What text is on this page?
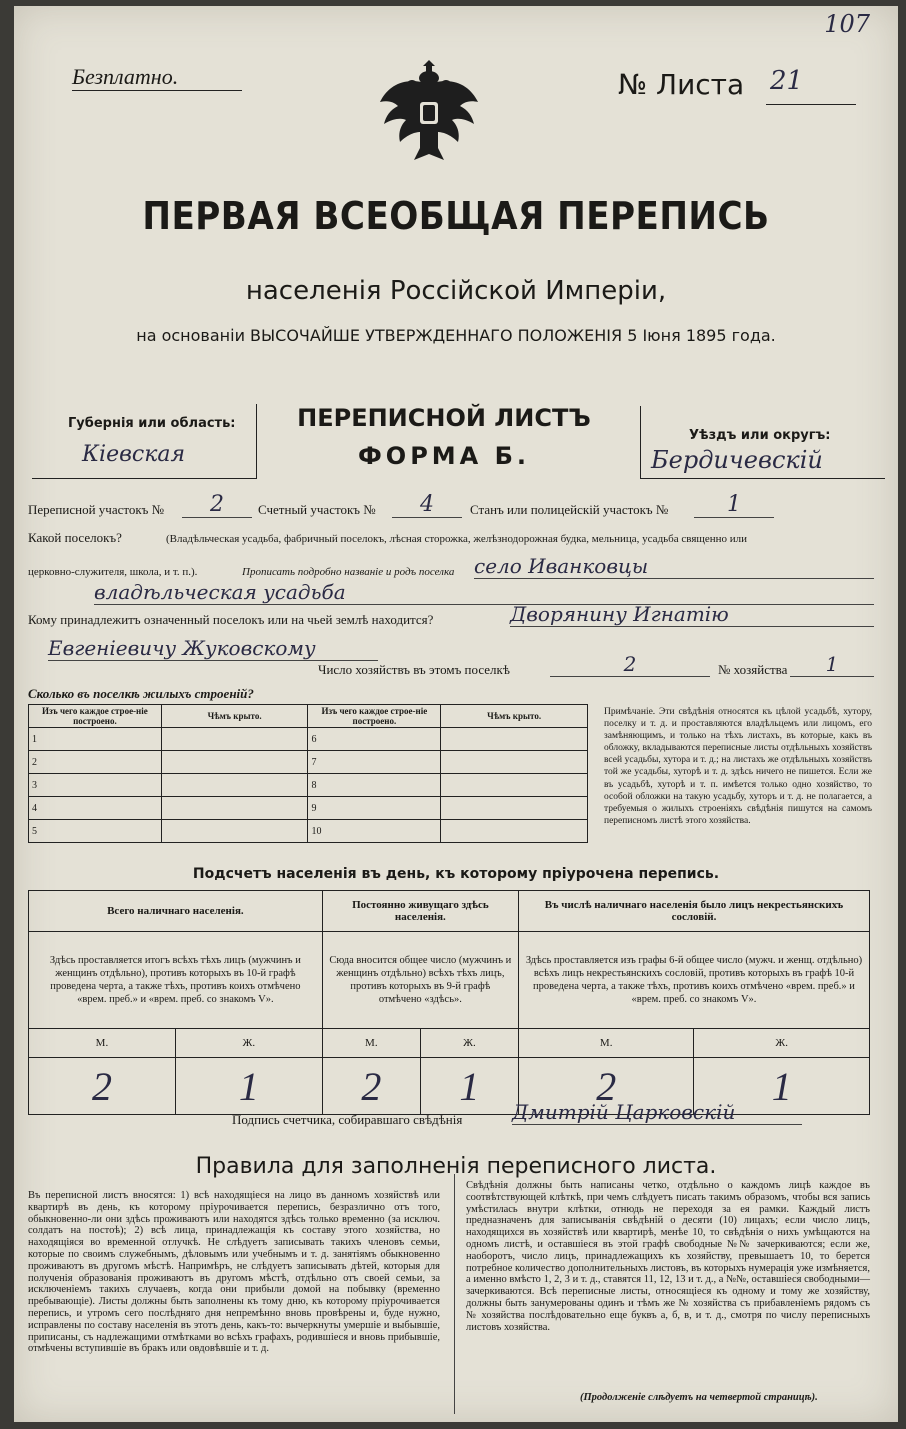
107
Безплатно.	№ Листа 21
ПЕРВАЯ ВСЕОБЩАЯ ПЕРЕПИСЬ
населенія Россійской Имперіи,
на основаніи ВЫСОЧАЙШЕ УТВЕРЖДЕННАГО ПОЛОЖЕНІЯ 5 Іюня 1895 года.
Губернія или область:
Кіевская
ПЕРЕПИСНОЙ ЛИСТЪ
ФОРМА Б.
Уѣздъ или округъ:
Бердичевскій
Переписной участокъ №	2	Счетный участокъ №	4	Станъ или полицейскій участокъ №	1
Какой поселокъ?	(Владѣльческая усадьба, фабричный поселокъ, лѣсная сторожка, желѣзнодорожная будка, мельница, усадьба священно или
церковно-служителя, школа, и т. п.).	Прописать подробно названіе и родъ поселка село Иванковцы
владѣльческая усадьба
Кому принадлежитъ означенный поселокъ или на чьей землѣ находится?	Дворянину Игнатію
Евгеніевичу Жуковскому
Число хозяйствъ въ этомъ поселкѣ	2	№ хозяйства	1
Сколько въ поселкѣ жилыхъ строеній?
Изъ чего каждое строе-ніе построено.	Чѣмъ крыто.	Изъ чего каждое строе-ніе построено.	Чѣмъ крыто.
1		6	
2		7	
3		8	
4		9	
5		10	
Примѣчаніе. Эти свѣдѣнія относятся къ цѣлой усадьбѣ, хутору, поселку и т. д. и проставляются владѣльцемъ или лицомъ, его замѣняющимъ, и только на тѣхъ листахъ, въ которые, какъ въ обложку, вкладываются переписные листы отдѣльныхъ хозяйствъ всей усадьбы, хутора и т. д.; на листахъ же отдѣльныхъ хозяйствъ той же усадьбы, хуторѣ и т. д. здѣсь ничего не пишется. Если же въ усадьбѣ, хуторѣ и т. п. имѣется только одно хозяйство, то особой обложки на такую усадьбу, хуторъ и т. д. не полагается, а требуемыя о жилыхъ строеніяхъ свѣдѣнія пишутся на самомъ переписномъ листѣ этого хозяйства.
Подсчетъ населенія въ день, къ которому пріурочена перепись.
Всего наличнаго населенія.		Постоянно живущаго здѣсь населенія.		Въ числѣ наличнаго населенія было лицъ некрестьянскихъ сословій.	
Здѣсь проставляется итогъ всѣхъ тѣхъ лицъ (мужчинъ и женщинъ отдѣльно), противъ которыхъ въ 10-й графѣ проведена черта, а также тѣхъ, противъ коихъ отмѣчено «врем. преб.» и «врем. преб. со знакомъ V».		Сюда вносится общее число (мужчинъ и женщинъ отдѣльно) всѣхъ тѣхъ лицъ, противъ которыхъ въ 9-й графѣ отмѣчено «здѣсь».		Здѣсь проставляется изъ графы 6-й общее число (мужч. и женщ. отдѣльно) всѣхъ лицъ некрестьянскихъ сословій, противъ которыхъ въ графѣ 10-й проведена черта, а также тѣхъ, противъ коихъ отмѣчено «врем. преб.» и «врем. преб. со знакомъ V».	
М.	Ж.	М.	Ж.	М.	Ж.
2	1	2	1	2	1
Подпись счетчика, собиравшаго свѣдѣнія Дмитрій Царковскій
Правила для заполненія переписного листа.
Въ переписной листъ вносятся: 1) всѣ находящіеся на лицо въ данномъ хозяйствѣ или квартирѣ въ день, къ которому пріурочивается перепись, безразлично отъ того, обыкновенно-ли они здѣсь проживаютъ или находятся здѣсь только временно (за исключ. солдатъ на постоѣ); 2) всѣ лица, принадлежащія къ составу этого хозяйства, но находящіяся во временной отлучкѣ. Не слѣдуетъ записывать такихъ членовъ семьи, которые по своимъ служебнымъ, дѣловымъ или учебнымъ и т. д. занятіямъ обыкновенно проживаютъ въ другомъ мѣстѣ. Напримѣръ, не слѣдуетъ записывать дѣтей, которыя для полученія образованія проживаютъ въ другомъ мѣстѣ, отдѣльно отъ своей семьи, за исключеніемъ такихъ случаевъ, когда они прибыли домой на побывку (временно пребывающіе). Листы должны быть заполнены къ тому дню, къ которому пріурочивается перепись, и утромъ сего послѣдняго дня непремѣнно вновь провѣрены и, буде нужно, исправлены по составу населенія въ этотъ день, какъ-то: вычеркнуты умершіе и выбывшіе, приписаны, съ надлежащими отмѣтками во всѣхъ графахъ, родившіеся и вновь прибывшіе, отмѣчены вступившіе въ бракъ или овдовѣвшіе и т. д.
Свѣдѣнія должны быть написаны четко, отдѣльно о каждомъ лицѣ каждое въ соотвѣтствующей клѣткѣ, при чемъ слѣдуетъ писать такимъ образомъ, чтобы вся запись умѣстилась внутри клѣтки, отнюдь не переходя за ея рамки. Каждый листъ предназначенъ для записыванія свѣдѣній о десяти (10) лицахъ; если число лицъ, находящихся въ хозяйствѣ или квартирѣ, менѣе 10, то свѣдѣнія о нихъ умѣщаются на одномъ листѣ, и оставшіеся въ этой графѣ свободные №№ зачеркиваются; если же, наоборотъ, число лицъ, принадлежащихъ къ хозяйству, превышаетъ 10, то берется потребное количество дополнительныхъ листовъ, въ которыхъ нумерація уже измѣняется, а именно вмѣсто 1, 2, 3 и т. д., ставятся 11, 12, 13 и т. д., а №№, оставшіеся свободными—зачеркиваются. Всѣ переписные листы, относящіеся къ одному и тому же хозяйству, должны быть занумерованы одинъ и тѣмъ же № хозяйства съ прибавленіемъ рядомъ съ № хозяйства послѣдовательно еще буквъ а, б, в, и т. д., смотря по числу переписныхъ листовъ хозяйства.
(Продолженіе слѣдуетъ на четвертой страницѣ).
